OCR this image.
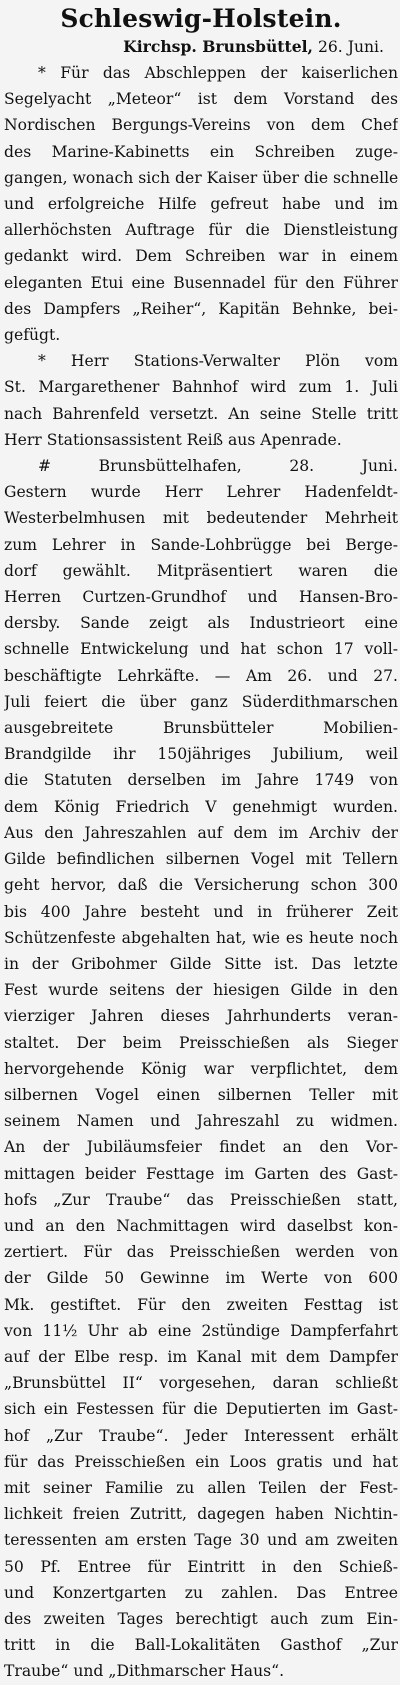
Schleswig-Holstein.
Kirchsp. Brunsbüttel, 26. Juni.
* Für das Abschleppen der kaiserlichen
Segelyacht „Meteor“ ist dem Vorstand des
Nordischen Bergungs-Vereins von dem Chef
des Marine-Kabinetts ein Schreiben zuge-
gangen, wonach sich der Kaiser über die schnelle
und erfolgreiche Hilfe gefreut habe und im
allerhöchsten Auftrage für die Dienstleistung
gedankt wird. Dem Schreiben war in einem
eleganten Etui eine Busennadel für den Führer
des Dampfers „Reiher“, Kapitän Behnke, bei-
gefügt.
* Herr Stations-Verwalter Plön vom
St. Margarethener Bahnhof wird zum 1. Juli
nach Bahrenfeld versetzt. An seine Stelle tritt
Herr Stationsassistent Reiß aus Apenrade.
# Brunsbüttelhafen, 28. Juni.
Gestern wurde Herr Lehrer Hadenfeldt-
Westerbelmhusen mit bedeutender Mehrheit
zum Lehrer in Sande-Lohbrügge bei Berge-
dorf gewählt. Mitpräsentiert waren die
Herren Curtzen-Grundhof und Hansen-Bro-
dersby. Sande zeigt als Industrieort eine
schnelle Entwickelung und hat schon 17 voll-
beschäftigte Lehrkäfte. — Am 26. und 27.
Juli feiert die über ganz Süderdithmarschen
ausgebreitete Brunsbütteler Mobilien-
Brandgilde ihr 150jähriges Jubilium, weil
die Statuten derselben im Jahre 1749 von
dem König Friedrich V genehmigt wurden.
Aus den Jahreszahlen auf dem im Archiv der
Gilde befindlichen silbernen Vogel mit Tellern
geht hervor, daß die Versicherung schon 300
bis 400 Jahre besteht und in früherer Zeit
Schützenfeste abgehalten hat, wie es heute noch
in der Gribohmer Gilde Sitte ist. Das letzte
Fest wurde seitens der hiesigen Gilde in den
vierziger Jahren dieses Jahrhunderts veran-
staltet. Der beim Preisschießen als Sieger
hervorgehende König war verpflichtet, dem
silbernen Vogel einen silbernen Teller mit
seinem Namen und Jahreszahl zu widmen.
An der Jubiläumsfeier findet an den Vor-
mittagen beider Festtage im Garten des Gast-
hofs „Zur Traube“ das Preisschießen statt,
und an den Nachmittagen wird daselbst kon-
zertiert. Für das Preisschießen werden von
der Gilde 50 Gewinne im Werte von 600
Mk. gestiftet. Für den zweiten Festtag ist
von 11½ Uhr ab eine 2stündige Dampferfahrt
auf der Elbe resp. im Kanal mit dem Dampfer
„Brunsbüttel II“ vorgesehen, daran schließt
sich ein Festessen für die Deputierten im Gast-
hof „Zur Traube“. Jeder Interessent erhält
für das Preisschießen ein Loos gratis und hat
mit seiner Familie zu allen Teilen der Fest-
lichkeit freien Zutritt, dagegen haben Nichtin-
teressenten am ersten Tage 30 und am zweiten
50 Pf. Entree für Eintritt in den Schieß-
und Konzertgarten zu zahlen. Das Entree
des zweiten Tages berechtigt auch zum Ein-
tritt in die Ball-Lokalitäten Gasthof „Zur
Traube“ und „Dithmarscher Haus“.
